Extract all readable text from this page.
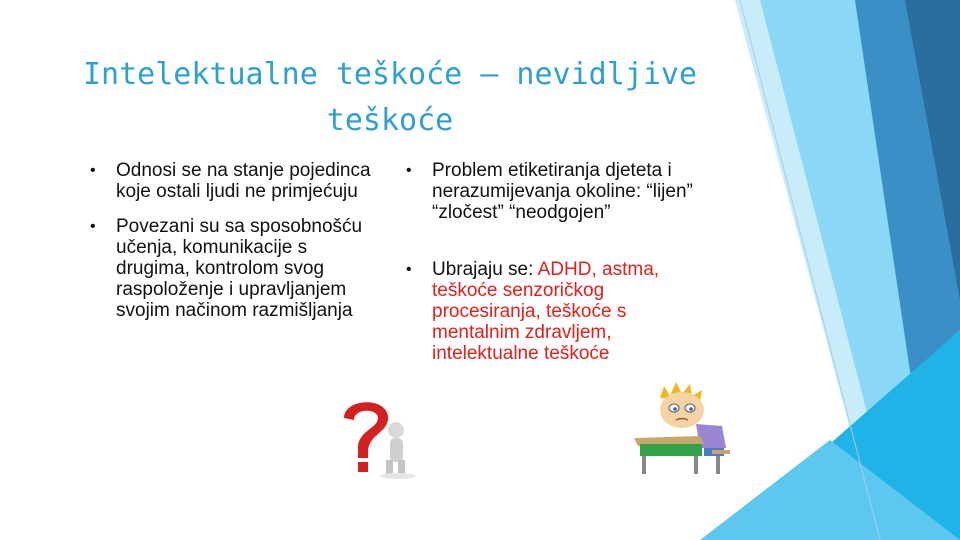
Intelektualne teškoće – nevidljive teškoće
• Odnosi se na stanje pojedinca koje ostali ljudi ne primjećuju
• Povezani su sa sposobnošću učenja, komunikacije s drugima, kontrolom svog raspoloženje i upravljanjem svojim načinom razmišljanja
• Problem etiketiranja djeteta i nerazumijevanja okoline: “lijen” “zločest” “neodgojen”
• Ubrajaju se: ADHD, astma, teškoće senzoričkog procesiranja, teškoće s mentalnim zdravljem, intelektualne teškoće
